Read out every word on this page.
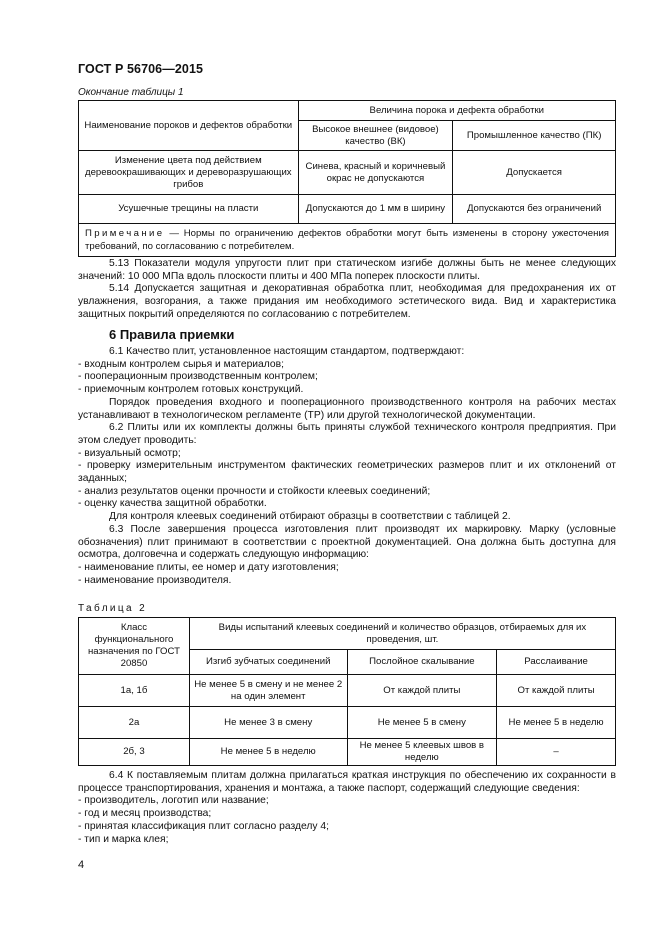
ГОСТ Р 56706—2015
Окончание таблицы 1
Наименование пороков и дефектов обработки	Величина порока и дефекта обработки	
	Высокое внешнее (видовое) качество (ВК)	Промышленное качество (ПК)
Изменение цвета под действием деревоокрашивающих и дереворазрушающих грибов	Синева, красный и коричневый окрас не допускаются	Допускается
Усушечные трещины на пласти	Допускаются до 1 мм в ширину	Допускаются без ограничений
Примечание — Нормы по ограничению дефектов обработки могут быть изменены в сторону ужесточения требований, по согласованию с потребителем.		

5.13 Показатели модуля упругости плит при статическом изгибе должны быть не менее следующих значений: 10 000 МПа вдоль плоскости плиты и 400 МПа поперек плоскости плиты.

5.14 Допускается защитная и декоративная обработка плит, необходимая для предохранения их от увлажнения, возгорания, а также придания им необходимого эстетического вида. Вид и характеристика защитных покрытий определяются по согласованию с потребителем.

6 Правила приемки

6.1 Качество плит, установленное настоящим стандартом, подтверждают:

- входным контролем сырья и материалов;

- пооперационным производственным контролем;

- приемочным контролем готовых конструкций.

Порядок проведения входного и пооперационного производственного контроля на рабочих местах устанавливают в технологическом регламенте (ТР) или другой технологической документации.

6.2 Плиты или их комплекты должны быть приняты службой технического контроля предприятия. При этом следует проводить:

- визуальный осмотр;

- проверку измерительным инструментом фактических геометрических размеров плит и их отклонений от заданных;

- анализ результатов оценки прочности и стойкости клеевых соединений;

- оценку качества защитной обработки.

Для контроля клеевых соединений отбирают образцы в соответствии с таблицей 2.

6.3 После завершения процесса изготовления плит производят их маркировку. Марку (условные обозначения) плит принимают в соответствии с проектной документацией. Она должна быть доступна для осмотра, долговечна и содержать следующую информацию:

- наименование плиты, ее номер и дату изготовления;

- наименование производителя.

Таблица 2
Класс функционального назначения по ГОСТ 20850	Виды испытаний клеевых соединений и количество образцов, отбираемых для их проведения, шт.		
	Изгиб зубчатых соединений	Послойное скалывание	Расслаивание
1а, 1б	Не менее 5 в смену и не менее 2 на один элемент	От каждой плиты	От каждой плиты
2а	Не менее 3 в смену	Не менее 5 в смену	Не менее 5 в неделю
2б, 3	Не менее 5 в неделю	Не менее 5 клеевых швов в неделю	–

6.4 К поставляемым плитам должна прилагаться краткая инструкция по обеспечению их сохранности в процессе транспортирования, хранения и монтажа, а также паспорт, содержащий следующие сведения:

- производитель, логотип или название;

- год и месяц производства;

- принятая классификация плит согласно разделу 4;

- тип и марка клея;

4
